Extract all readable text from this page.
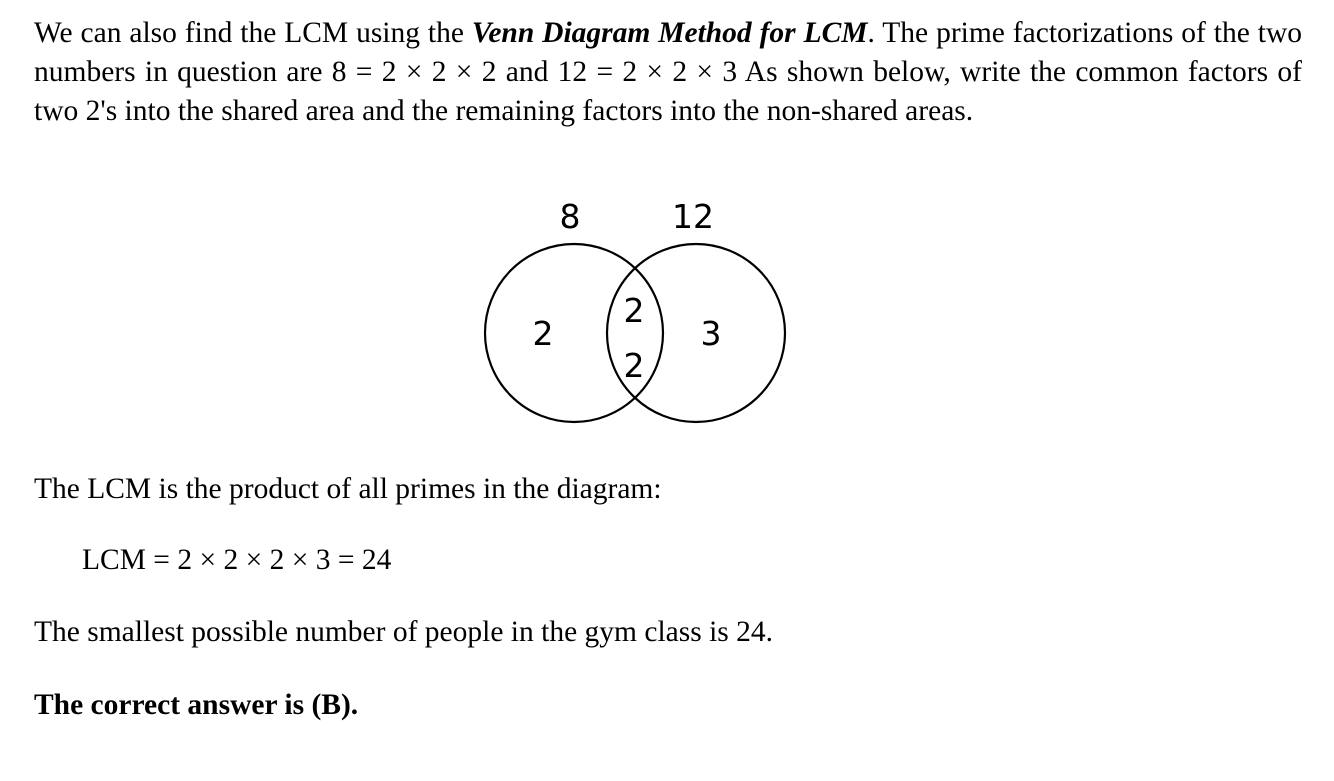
We can also find the LCM using the Venn Diagram Method for LCM. The prime factorizations of the two numbers in question are 8 = 2 × 2 × 2 and 12 = 2 × 2 × 3 As shown below, write the common factors of two 2's into the shared area and the remaining factors into the non-shared areas.

8	12
2
2
2
3

The LCM is the product of all primes in the diagram:

LCM = 2 × 2 × 2 × 3 = 24

The smallest possible number of people in the gym class is 24.

The correct answer is (B).
